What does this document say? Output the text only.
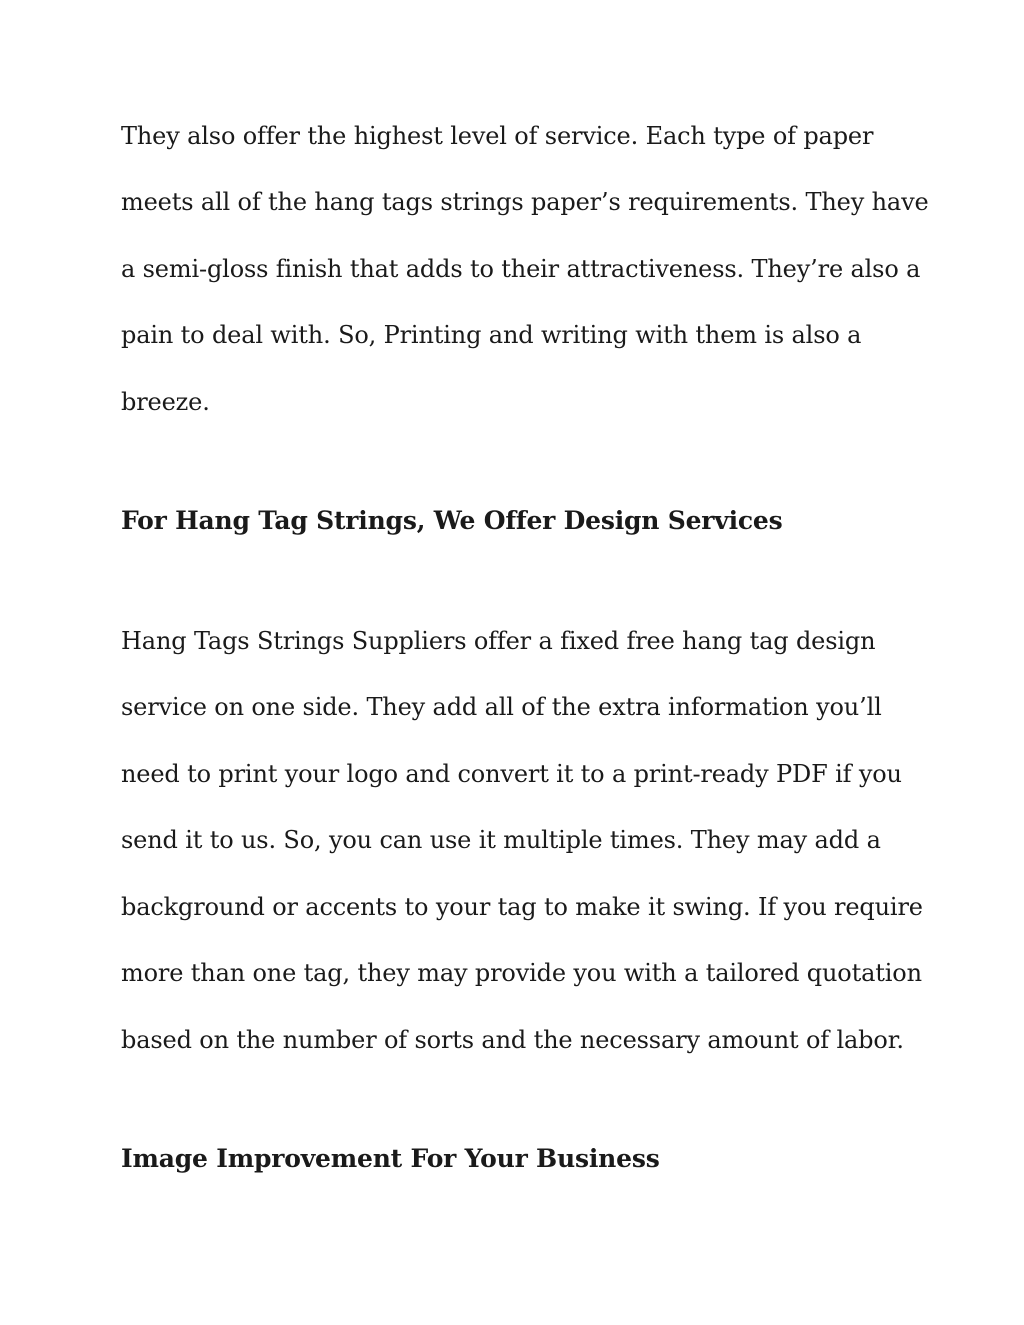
They also offer the highest level of service. Each type of paper
meets all of the hang tags strings paper’s requirements. They have
a semi-gloss finish that adds to their attractiveness. They’re also a
pain to deal with. So, Printing and writing with them is also a
breeze.
For Hang Tag Strings, We Offer Design Services
Hang Tags Strings Suppliers offer a fixed free hang tag design
service on one side. They add all of the extra information you’ll
need to print your logo and convert it to a print-ready PDF if you
send it to us. So, you can use it multiple times. They may add a
background or accents to your tag to make it swing. If you require
more than one tag, they may provide you with a tailored quotation
based on the number of sorts and the necessary amount of labor.
Image Improvement For Your Business
